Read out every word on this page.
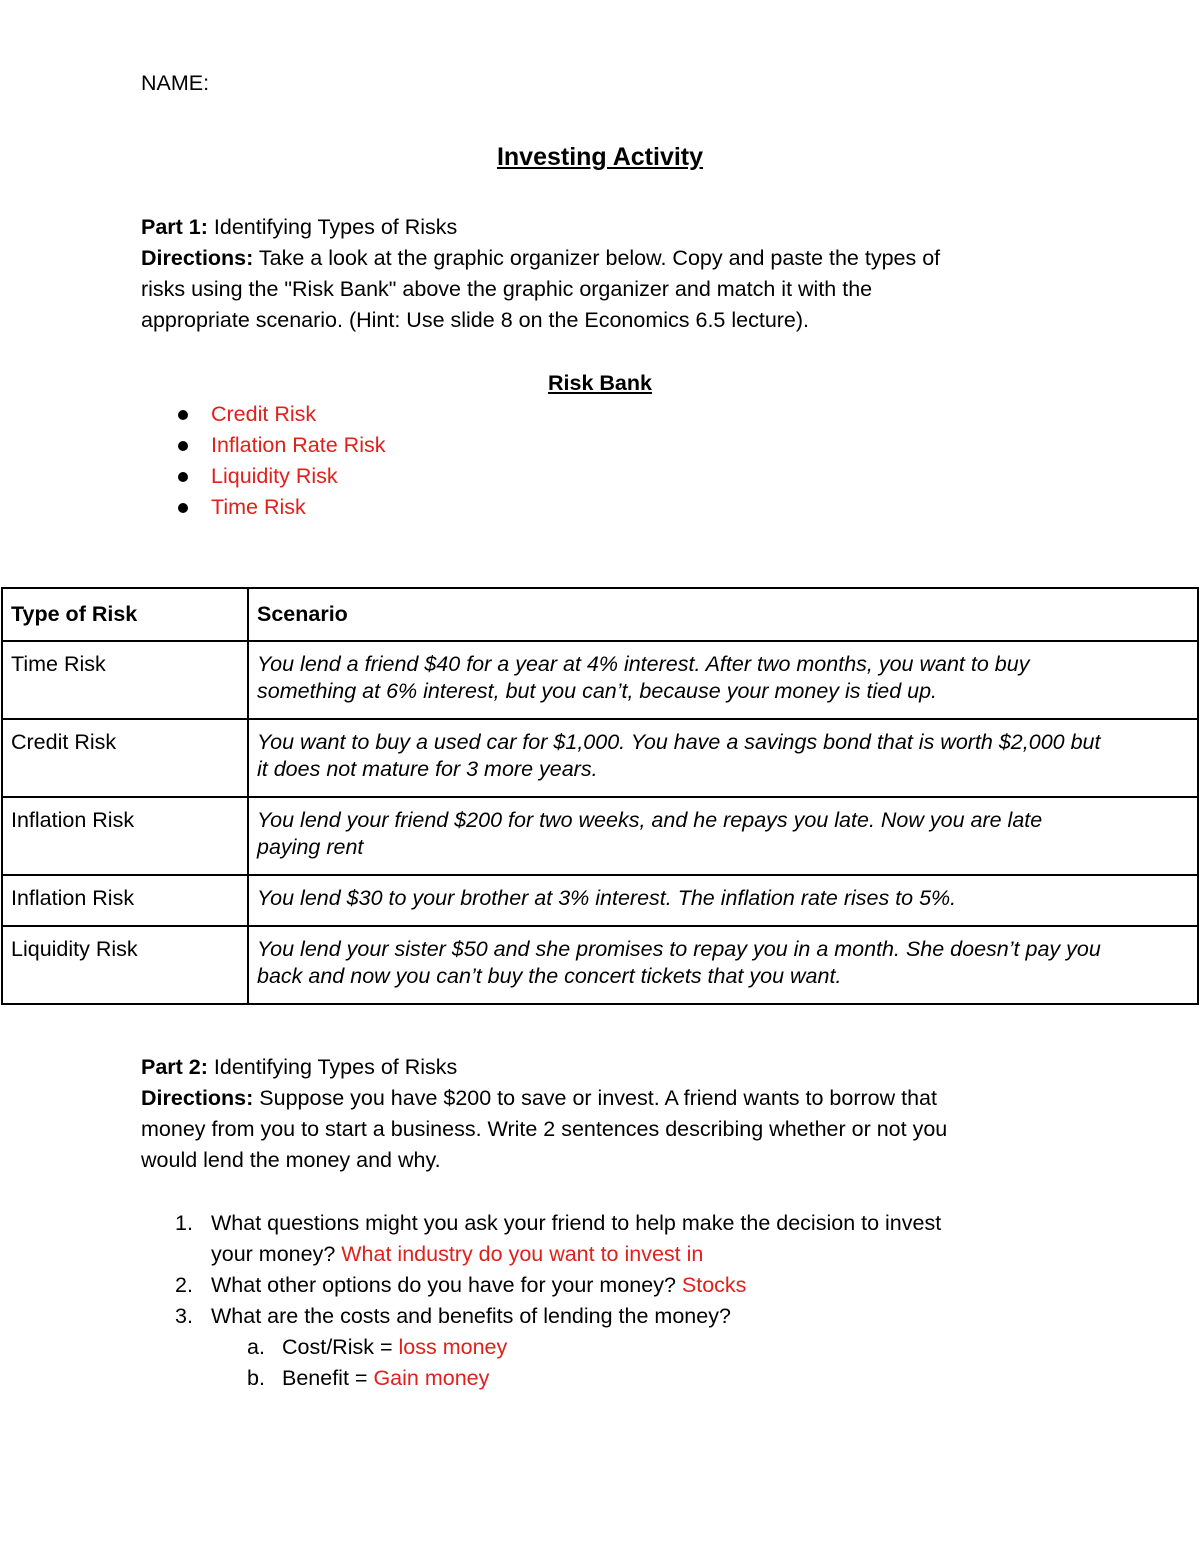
NAME:
Investing Activity

Part 1: Identifying Types of Risks

Directions: Take a look at the graphic organizer below. Copy and paste the types of

risks using the "Risk Bank" above the graphic organizer and match it with the

appropriate scenario. (Hint: Use slide 8 on the Economics 6.5 lecture).

Risk Bank
Credit Risk
Inflation Rate Risk
Liquidity Risk
Time Risk
Type of Risk	Scenario
Time Risk	You lend a friend $40 for a year at 4% interest. After two months, you want to buy
something at 6% interest, but you can’t, because your money is tied up.
Credit Risk	You want to buy a used car for $1,000. You have a savings bond that is worth $2,000 but
it does not mature for 3 more years.
Inflation Risk	You lend your friend $200 for two weeks, and he repays you late. Now you are late
paying rent
Inflation Risk	You lend $30 to your brother at 3% interest. The inflation rate rises to 5%.
Liquidity Risk	You lend your sister $50 and she promises to repay you in a month. She doesn’t pay you
back and now you can’t buy the concert tickets that you want.

Part 2: Identifying Types of Risks

Directions: Suppose you have $200 to save or invest. A friend wants to borrow that

money from you to start a business. Write 2 sentences describing whether or not you

would lend the money and why.

1. What questions might you ask your friend to help make the decision to invest
your money? What industry do you want to invest in
2. What other options do you have for your money? Stocks
3. What are the costs and benefits of lending the money?
a. Cost/Risk = loss money
b. Benefit = Gain money
